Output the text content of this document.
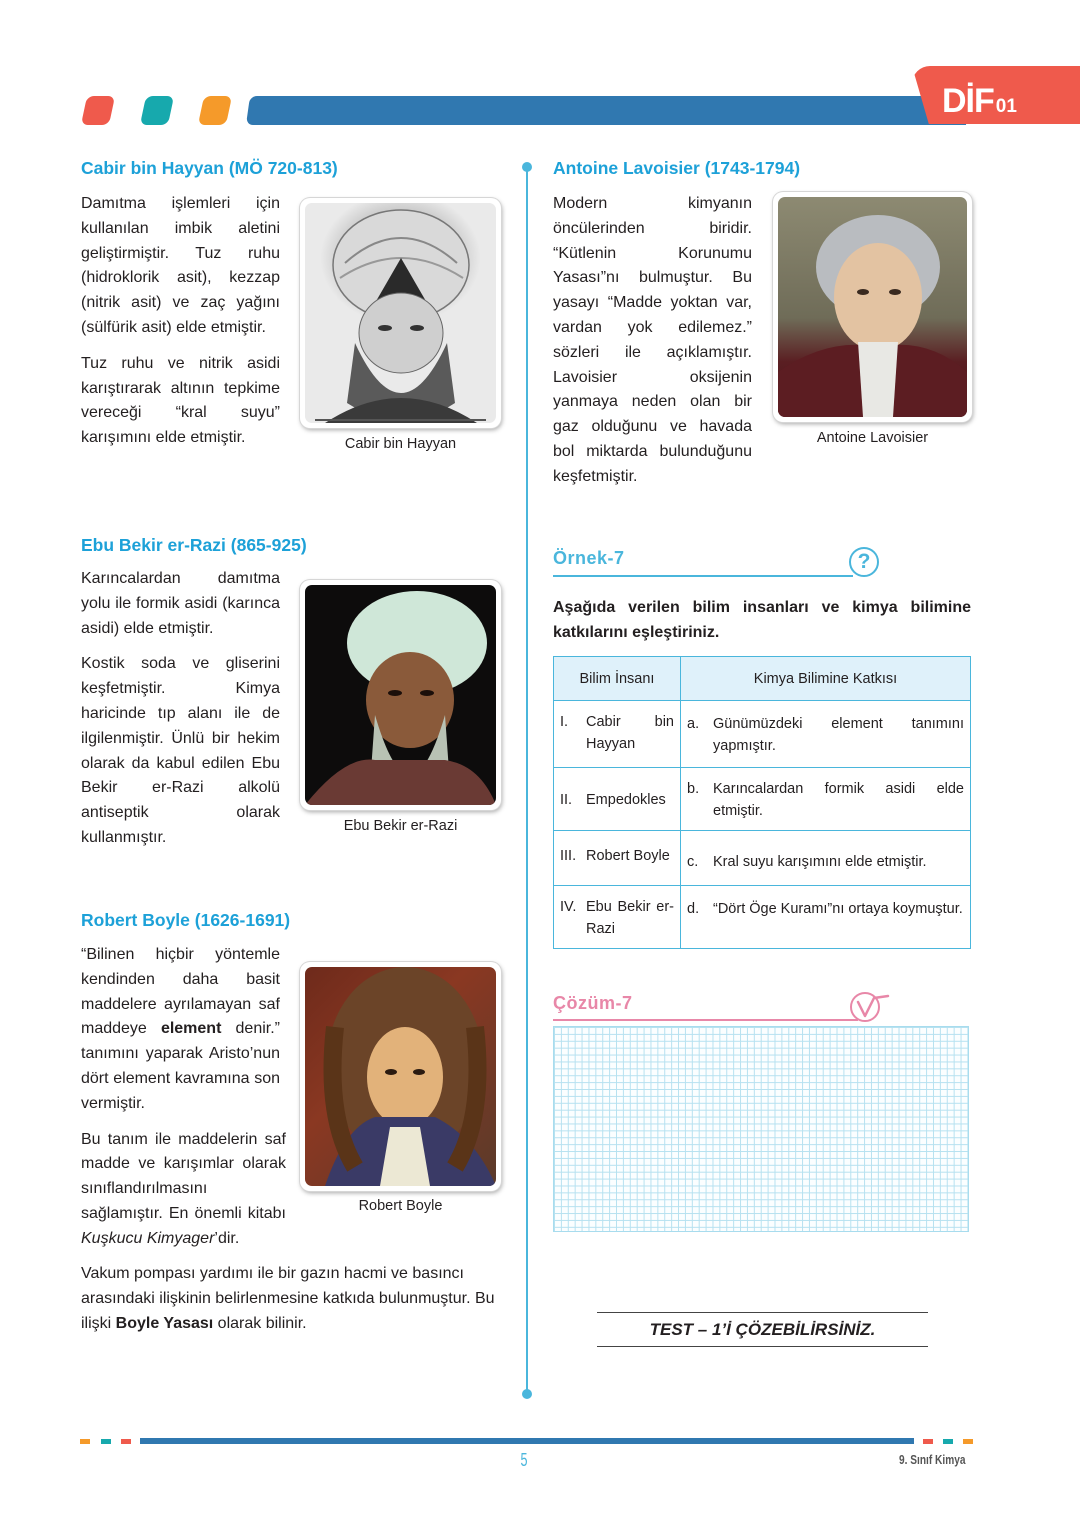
DİF 01
Cabir bin Hayyan (MÖ 720-813)

Damıtma işlemleri için kullanılan imbik aletini geliştirmiştir. Tuz ruhu (hidroklorik asit), kezzap (nitrik asit) ve zaç yağını (sülfürik asit) elde etmiştir.

Tuz ruhu ve nitrik asidi karıştırarak altının tepkime vereceği “kral suyu” karışımını elde etmiştir.	Cabir bin Hayyan
Ebu Bekir er-Razi (865-925)

Karıncalardan damıtma yolu ile formik asidi (karınca asidi) elde etmiştir.

Kostik soda ve gliserini keşfetmiştir. Kimya haricinde tıp alanı ile de ilgilenmiştir. Ünlü bir hekim olarak da kabul edilen Ebu Bekir er-Razi alkolü antiseptik olarak kullanmıştır.

Ebu Bekir er-Razi
Robert Boyle (1626-1691)

“Bilinen hiçbir yöntemle kendinden daha basit maddelere ayrılamayan saf maddeye element denir.” tanımını yaparak Aristo’nun dört element kavramına son vermiştir.

Bu tanım ile maddelerin saf madde ve karışımlar olarak sınıflandırılmasını sağlamıştır. En önemli kitabı Kuşkucu Kimyager’dir.

Vakum pompası yardımı ile bir gazın hacmi ve basıncı arasındaki ilişkinin belirlenmesine katkıda bulunmuştur. Bu ilişki Boyle Yasası olarak bilinir.

Robert Boyle
Antoine Lavoisier (1743-1794)

Modern kimyanın öncülerinden biridir. “Kütlenin Korunumu Yasası”nı bulmuştur. Bu yasayı “Madde yoktan var, vardan yok edilemez.” sözleri ile açıklamıştır. Lavoisier oksijenin yanmaya neden olan bir gaz olduğunu ve havada bol miktarda bulunduğunu keşfetmiştir.

Antoine Lavoisier
Örnek-7	?
Aşağıda verilen bilim insanları ve kimya bilimine katkılarını eşleştiriniz.
Bilim İnsanı	Kimya Bilimine Katkısı

I. Cabir bin Hayyan	a. Günümüzdeki element tanımını yapmıştır.

II. Empedokles	b. Karıncalardan formik asidi elde etmiştir.

III. Robert Boyle	c. Kral suyu karışımını elde etmiştir.

IV. Ebu Bekir er-Razi	d. “Dört Öge Kuramı”nı ortaya koymuştur.
Çözüm-7
TEST – 1’İ ÇÖZEBİLİRSİNİZ.
5	9. Sınıf Kimya
